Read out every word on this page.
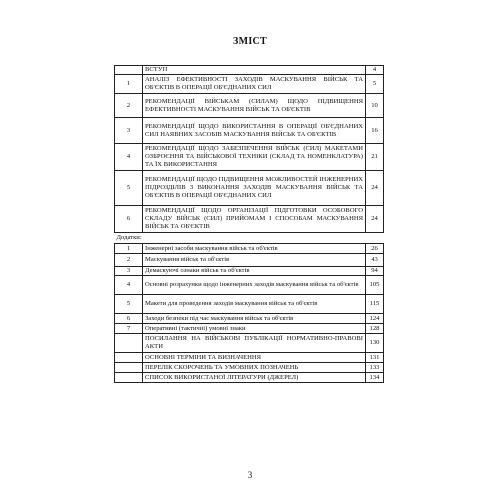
ЗМІСТ
	ВСТУП	4
1	АНАЛІЗ ЕФЕКТИВНОСТІ ЗАХОДІВ МАСКУВАННЯ ВІЙСЬК ТА ОБ'ЄКТІВ В ОПЕРАЦІЇ ОБ'ЄДНАНИХ СИЛ	5
2	РЕКОМЕНДАЦІЇ ВІЙСЬКАМ (СИЛАМ) ЩОДО ПІДВИЩЕННЯ ЕФЕКТИВНОСТІ МАСКУВАННЯ ВІЙСЬК ТА ОБ'ЄКТІВ	10
3	РЕКОМЕНДАЦІЇ ЩОДО ВИКОРИСТАННЯ В ОПЕРАЦІЇ ОБ'ЄДНАНИХ СИЛ НАЯВНИХ ЗАСОБІВ МАСКУВАННЯ ВІЙСЬК ТА ОБ'ЄКТІВ	16
4	РЕКОМЕНДАЦІЇ ЩОДО ЗАБЕЗПЕЧЕННЯ ВІЙСЬК (СИЛ) МАКЕТАМИ ОЗБРОЄННЯ ТА ВІЙСЬКОВОЇ ТЕХНІКИ (СКЛАД ТА НОМЕНКЛАТУРА) ТА ЇХ ВИКОРИСТАННЯ	21
5	РЕКОМЕНДАЦІЇ ЩОДО ПІДВИЩЕННЯ МОЖЛИВОСТЕЙ ІНЖЕНЕРНИХ ПІДРОЗДІЛІВ З ВИКОНАННЯ ЗАХОДІВ МАСКУВАННЯ ВІЙСЬК ТА ОБ'ЄКТІВ В ОПЕРАЦІЇ ОБ'ЄДНАНИХ СИЛ	24
6	РЕКОМЕНДАЦІЇ ЩОДО ОРГАНІЗАЦІЇ ПІДГОТОВКИ ОСОБОВОГО СКЛАДУ ВІЙСЬК (СИЛ) ПРИЙОМАМ І СПОСОБАМ МАСКУВАННЯ ВІЙСЬК ТА ОБ'ЄКТІВ	24
Додатки:		
1	Інженерні засоби маскування військ та об'єктів	26
2	Маскування військ та об'єктів	43
3	Демаскуючі ознаки військ та об'єктів	94
4	Основні розрахунки щодо інженерних заходів маскування військ та об'єктів	105
5	Макети для проведення заходів маскування військ та об'єктів	115
6	Заходи безпеки під час маскування військ та об'єктів	124
7	Оперативні (тактичні) умовні знаки	128
	ПОСИЛАННЯ НА ВІЙСЬКОВІ ПУБЛІКАЦІЇ НОРМАТИВНО-ПРАВОВІ АКТИ	130
	ОСНОВНІ ТЕРМІНИ ТА ВИЗНАЧЕННЯ	131
	ПЕРЕЛІК СКОРОЧЕНЬ ТА УМОВНИХ ПОЗНАЧЕНЬ	133
	СПИСОК ВИКОРИСТАНОЇ ЛІТЕРАТУРИ (ДЖЕРЕЛ)	134
3
